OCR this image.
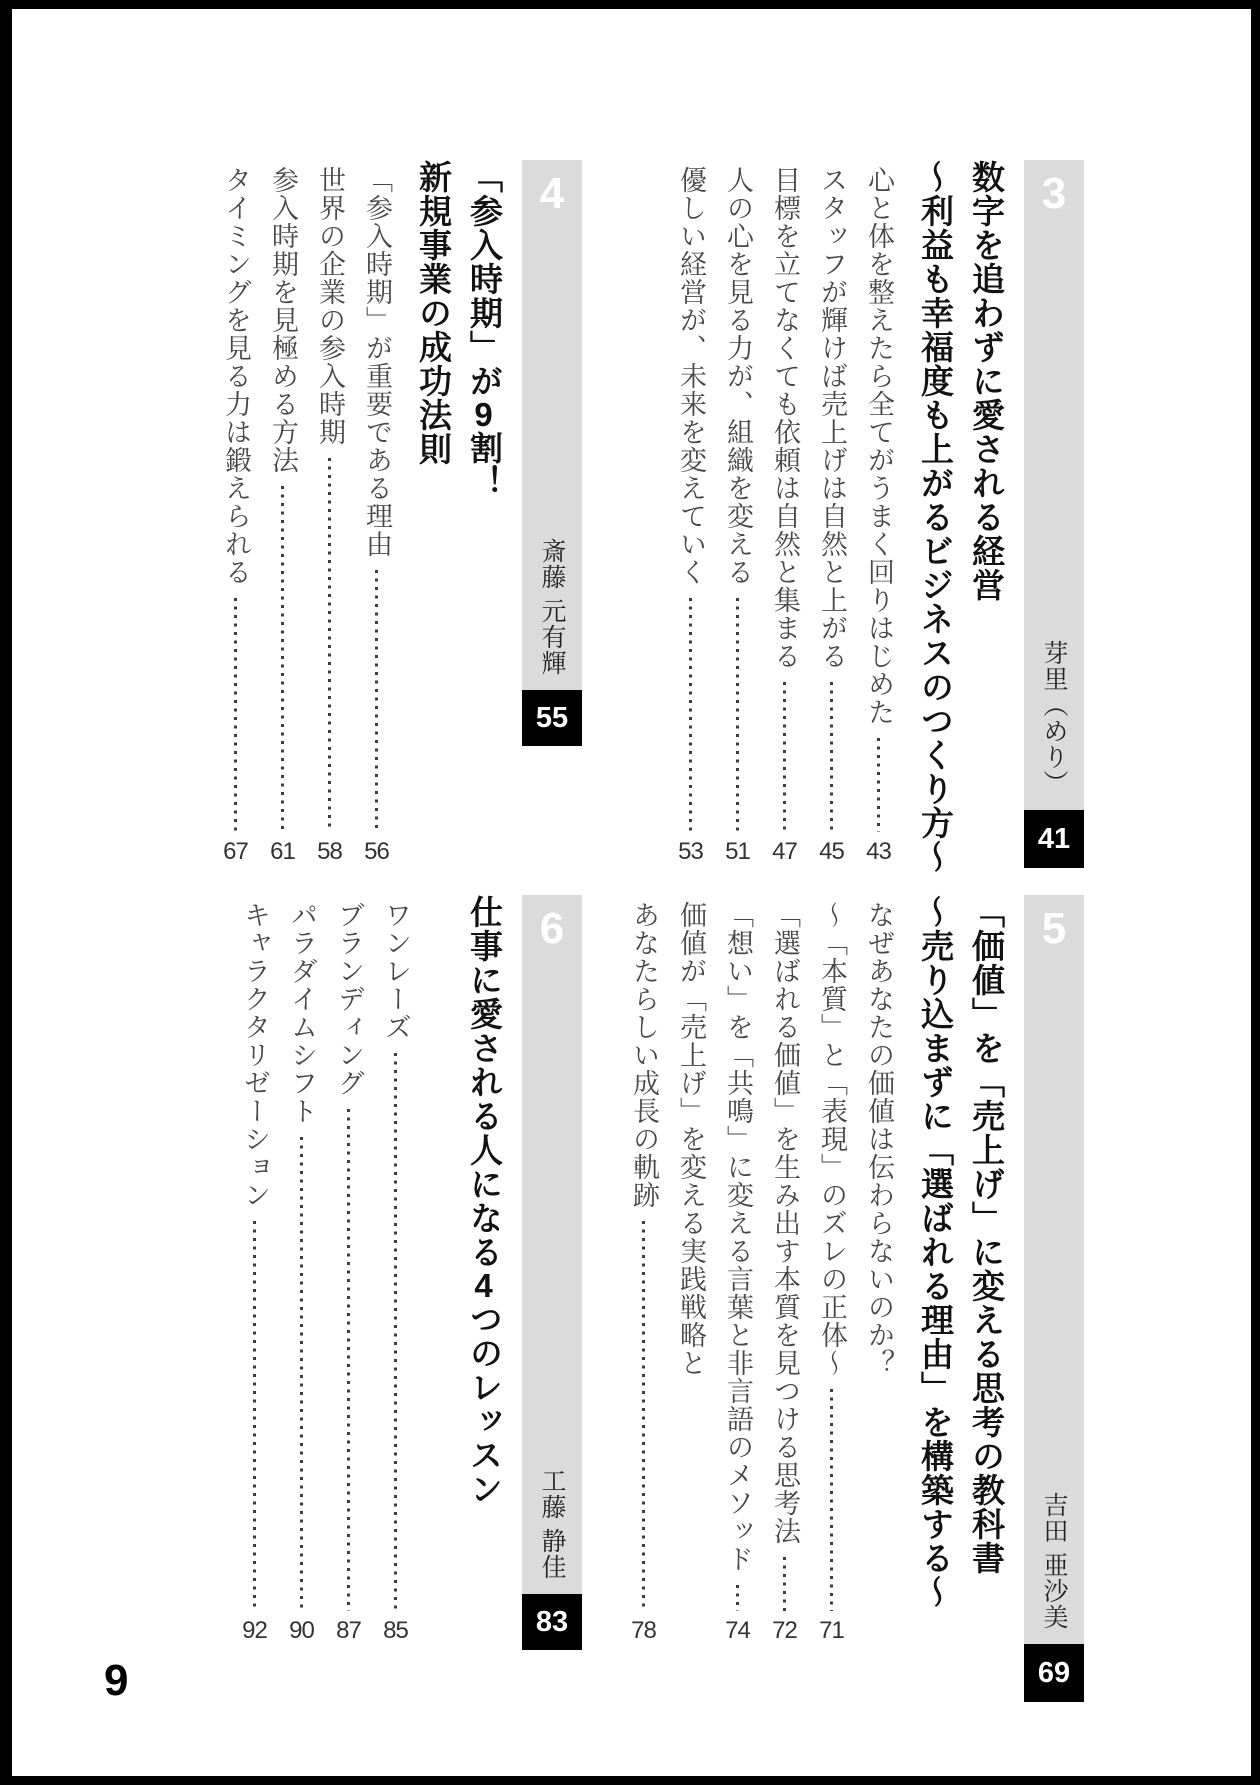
3
芽里（めり）
41
数字を追わずに愛される経営
～利益も幸福度も上がるビジネスのつくり方～
心と体を整えたら全てがうまく回りはじめた
43
スタッフが輝けば売上げは自然と上がる
45
目標を立てなくても依頼は自然と集まる
47
人の心を見る力が、組織を変える
51
優しい経営が、未来を変えていく
53
4
斎藤 元有輝
55
「参入時期」が9割！
新規事業の成功法則
「参入時期」が重要である理由
56
世界の企業の参入時期
58
参入時期を見極める方法
61
タイミングを見る力は鍛えられる
67
5
吉田 亜沙美
69
「価値」を「売上げ」に変える思考の教科書
～売り込まずに「選ばれる理由」を構築する～
なぜあなたの価値は伝わらないのか？
～「本質」と「表現」のズレの正体～
71
「選ばれる価値」を生み出す本質を見つける思考法
72
「想い」を「共鳴」に変える言葉と非言語のメソッド
74
価値が「売上げ」を変える実践戦略と
あなたらしい成長の軌跡
78
6
工藤 静佳
83
仕事に愛される人になる4つのレッスン
ワンレーズ
85
ブランディング
87
パラダイムシフト
90
キャラクタリゼーション
92
9
